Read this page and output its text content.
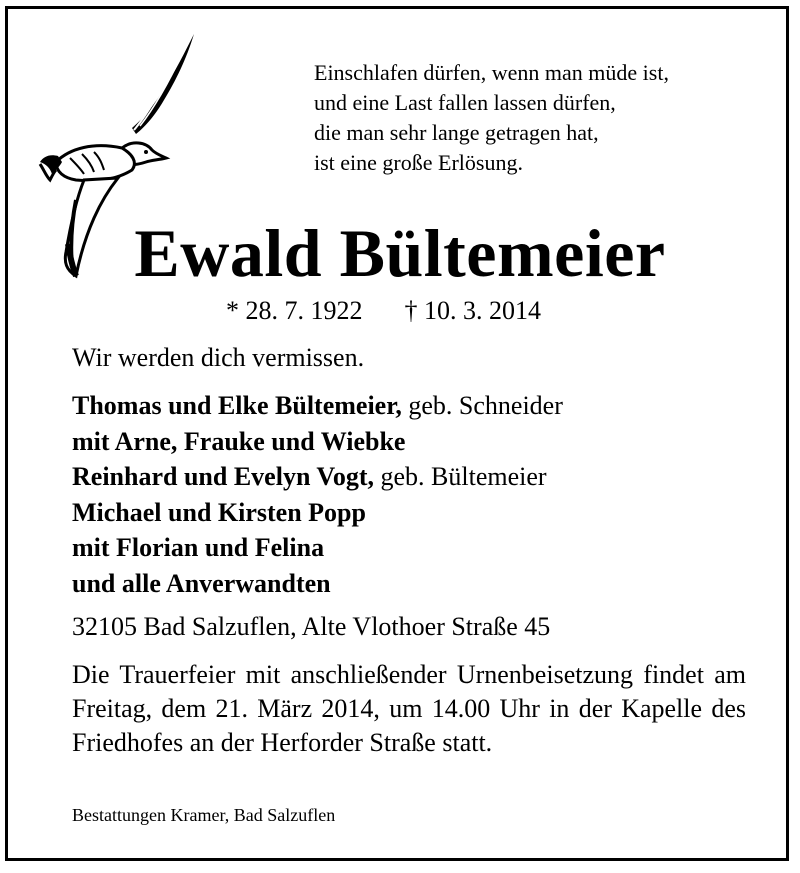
Einschlafen dürfen, wenn man müde ist,
und eine Last fallen lassen dürfen,
die man sehr lange getragen hat,
ist eine große Erlösung.
Ewald Bültemeier
* 28. 7. 1922 † 10. 3. 2014
Wir werden dich vermissen.
Thomas und Elke Bültemeier, geb. Schneider
mit Arne, Frauke und Wiebke
Reinhard und Evelyn Vogt, geb. Bültemeier
Michael und Kirsten Popp
mit Florian und Felina
und alle Anverwandten
32105 Bad Salzuflen, Alte Vlothoer Straße 45
Die Trauerfeier mit anschließender Urnenbeisetzung findet am Freitag, dem 21. März 2014, um 14.00 Uhr in der Kapelle des Friedhofes an der Herforder Straße statt.
Bestattungen Kramer, Bad Salzuflen
